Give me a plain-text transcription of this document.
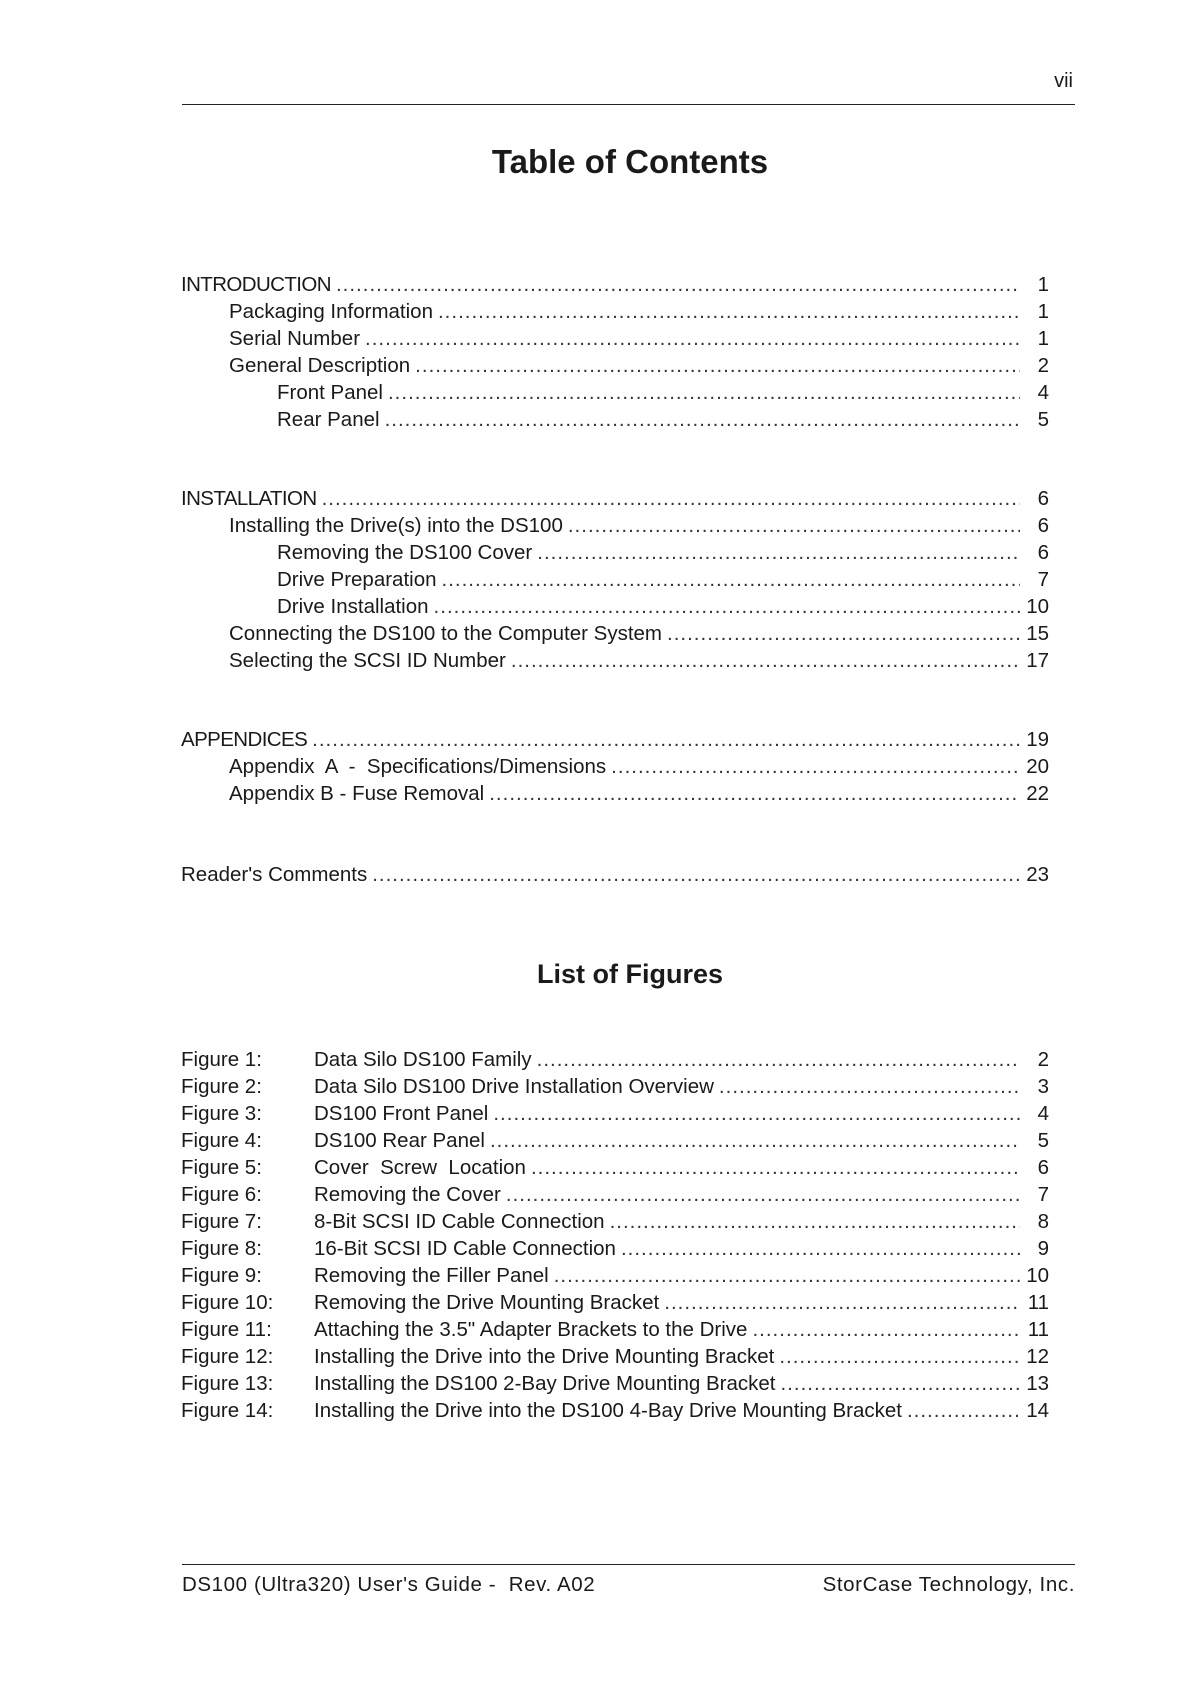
vii
Table of Contents
INTRODUCTION .....	1
Packaging Information .....	1
Serial Number .....	1
General Description .....	2
Front Panel .....	4
Rear Panel .....	5
INSTALLATION .....	6
Installing the Drive(s) into the DS100 .....	6
Removing the DS100 Cover .....	6
Drive Preparation .....	7
Drive Installation .....	10
Connecting the DS100 to the Computer System .....	15
Selecting the SCSI ID Number .....	17
APPENDICES .....	19
Appendix  A  -  Specifications/Dimensions .....	20
Appendix B - Fuse Removal .....	22
Reader's Comments .....	23
List of Figures
Figure 1:	Data Silo DS100 Family .....	2
Figure 2:	Data Silo DS100 Drive Installation Overview .....	3
Figure 3:	DS100 Front Panel .....	4
Figure 4:	DS100 Rear Panel .....	5
Figure 5:	Cover  Screw  Location .....	6
Figure 6:	Removing the Cover .....	7
Figure 7:	8-Bit SCSI ID Cable Connection .....	8
Figure 8:	16-Bit SCSI ID Cable Connection .....	9
Figure 9:	Removing the Filler Panel .....	10
Figure 10:	Removing the Drive Mounting Bracket .....	11
Figure 11:	Attaching the 3.5" Adapter Brackets to the Drive .....	11
Figure 12:	Installing the Drive into the Drive Mounting Bracket .....	12
Figure 13:	Installing the DS100 2-Bay Drive Mounting Bracket .....	13
Figure 14:	Installing the Drive into the DS100 4-Bay Drive Mounting Bracket .....	14
DS100 (Ultra320) User's Guide -  Rev. A02	StorCase Technology, Inc.
